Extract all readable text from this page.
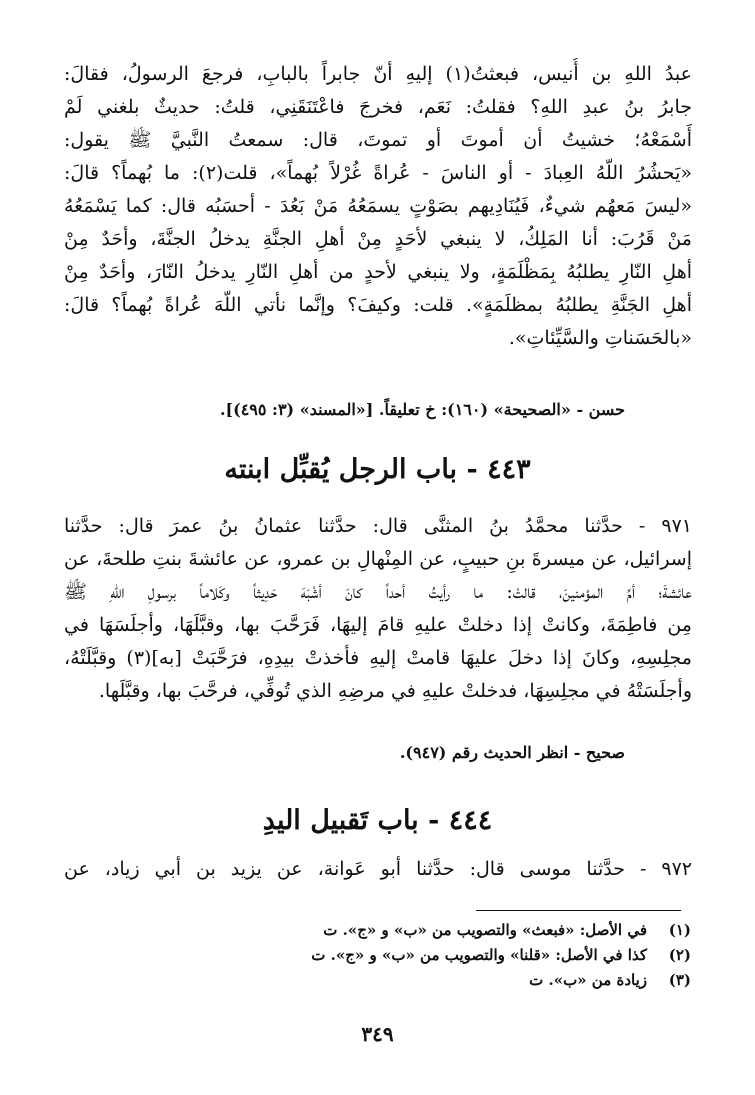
عبدُ اللهِ بن أُنيس، فبعثتُ(١) إليهِ أنّ جابراً بالبابِ، فرجعَ الرسولُ، فقالَ:
جابرُ بنُ عبدِ اللهِ؟ فقلتُ: نَعَم، فخرجَ فاعْتَنَقَنِي، قلتُ: حديثٌ بلغني لَمْ
أَسْمَعْهُ؛ خشيتُ أن أموتَ أو تموتَ، قال: سمعتُ النَّبيَّ ﷺ يقول:
«يَحشُرُ اللّهُ العِبادَ - أو الناسَ - عُراةً غُرْلاً بُهماً»، قلت(٢): ما بُهماً؟ قالَ:
«ليسَ مَعهُم شيءٌ، فَيُنَادِيهم بصَوْتٍ يسمَعُهُ مَنْ بَعُدَ - أحسَبُه قال: كما يَسْمَعُهُ
مَنْ قَرُبَ: أنا المَلِكُ، لا ينبغي لأحَدٍ مِنْ أهلِ الجنَّةِ يدخلُ الجنَّةَ، وأحَدٌ مِنْ
أهلِ النّارِ يطلبُهُ بِمَظْلَمَةٍ، ولا ينبغي لأحدٍ من أهلِ النّارِ يدخلُ النّارَ، وأحَدٌ مِنْ
أهلِ الجَنَّةِ يطلبُهُ بمظلَمَةٍ». قلت: وكيفَ؟ وإنَّما نأتي اللّهَ عُراةً بُهماً؟ قالَ:
«بالحَسَناتِ والسَّيِّئاتِ».
حسن - «الصحيحة» (١٦٠): خ تعليقاً. [«المسند» (٣: ٤٩٥)].
٤٤٣ - باب الرجل يُقبِّل ابنته
٩٧١ - حدَّثنا محمَّدُ بنُ المثنَّى قال: حدَّثنا عثمانُ بنُ عمرَ قال: حدَّثنا
إسرائيل، عن ميسرةَ بنِ حبيبٍ، عن المِنْهالِ بن عمرو، عن عائشةَ بنتِ طلحةَ، عن
عائشةَ؛ أمِّ المؤمنينَ، قالتْ: ما رأيتُ أحداً كانَ أشْبَهَ حَدِيثاً وكَلاماً برسولِ اللّهِ ﷺ
مِن فاطِمَةَ، وكانتْ إذا دخلتْ عليهِ قامَ إليهَا، فَرَحَّبَ بها، وقبَّلَهَا، وأجلَسَهَا في
مجلِسِهِ، وكانَ إذا دخلَ عليهَا قامتْ إليهِ فأخذتْ بيدِهِ، فرَحَّبَتْ [به](٣) وقبَّلَتْهُ،
وأجلَسَتْهُ في مجلِسِهَا، فدخلتْ عليهِ في مرضِهِ الذي تُوفِّي، فرحَّبَ بها، وقبَّلَها.
صحيح - انظر الحديث رقم (٩٤٧).
٤٤٤ - باب تَقبيل اليدِ
٩٧٢ - حدَّثنا موسى قال: حدَّثنا أبو عَوانة، عن يزيد بن أبي زياد، عن
(١)
في الأصل: «فبعث» والتصويب من «ب» و «ج». ت
(٢)
كذا في الأصل: «قلنا» والتصويب من «ب» و «ج». ت
(٣)
زيادة من «ب». ت
٣٤٩
